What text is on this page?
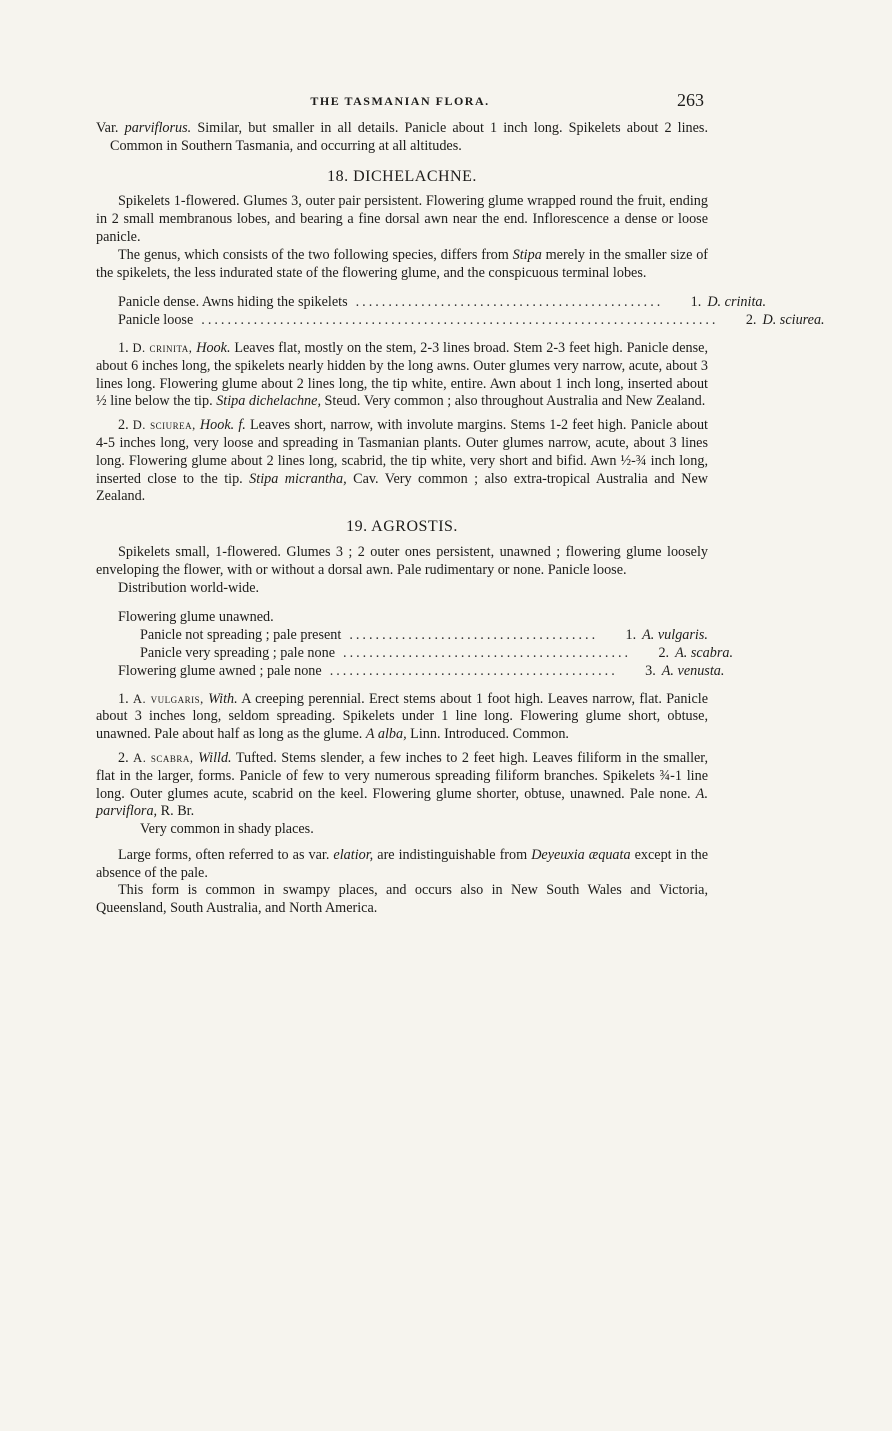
THE TASMANIAN FLORA.	263

Var. parviflorus. Similar, but smaller in all details. Panicle about 1 inch long. Spikelets about 2 lines. Common in Southern Tasmania, and occurring at all altitudes.

18. DICHELACHNE.

Spikelets 1-flowered. Glumes 3, outer pair persistent. Flowering glume wrapped round the fruit, ending in 2 small membranous lobes, and bearing a fine dorsal awn near the end. Inflorescence a dense or loose panicle.

The genus, which consists of the two following species, differs from Stipa merely in the smaller size of the spikelets, the less indurated state of the flowering glume, and the conspicuous terminal lobes.

Panicle dense. Awns hiding the spikelets ...............................................	1. D. crinita.
Panicle loose ...............................................................................	2. D. sciurea.

1. D. crinita, Hook. Leaves flat, mostly on the stem, 2-3 lines broad. Stem 2-3 feet high. Panicle dense, about 6 inches long, the spikelets nearly hidden by the long awns. Outer glumes very narrow, acute, about 3 lines long. Flowering glume about 2 lines long, the tip white, entire. Awn about 1 inch long, inserted about ½ line below the tip. Stipa dichelachne, Steud. Very common ; also throughout Australia and New Zealand.

2. D. sciurea, Hook. f. Leaves short, narrow, with involute margins. Stems 1-2 feet high. Panicle about 4-5 inches long, very loose and spreading in Tasmanian plants. Outer glumes narrow, acute, about 3 lines long. Flowering glume about 2 lines long, scabrid, the tip white, very short and bifid. Awn ½-¾ inch long, inserted close to the tip. Stipa micrantha, Cav. Very common ; also extra-tropical Australia and New Zealand.

19. AGROSTIS.

Spikelets small, 1-flowered. Glumes 3 ; 2 outer ones persistent, unawned ; flowering glume loosely enveloping the flower, with or without a dorsal awn. Pale rudimentary or none. Panicle loose.

Distribution world-wide.

Flowering glume unawned.
Panicle not spreading ; pale present ......................................	1. A. vulgaris.
Panicle very spreading ; pale none ............................................	2. A. scabra.
Flowering glume awned ; pale none ............................................	3. A. venusta.

1. A. vulgaris, With. A creeping perennial. Erect stems about 1 foot high. Leaves narrow, flat. Panicle about 3 inches long, seldom spreading. Spikelets under 1 line long. Flowering glume short, obtuse, unawned. Pale about half as long as the glume. A alba, Linn. Introduced. Common.

2. A. scabra, Willd. Tufted. Stems slender, a few inches to 2 feet high. Leaves filiform in the smaller, flat in the larger, forms. Panicle of few to very numerous spreading filiform branches. Spikelets ¾-1 line long. Outer glumes acute, scabrid on the keel. Flowering glume shorter, obtuse, unawned. Pale none. A. parviflora, R. Br.
Very common in shady places.

Large forms, often referred to as var. elatior, are indistinguishable from Deyeuxia æquata except in the absence of the pale.

This form is common in swampy places, and occurs also in New South Wales and Victoria, Queensland, South Australia, and North America.
